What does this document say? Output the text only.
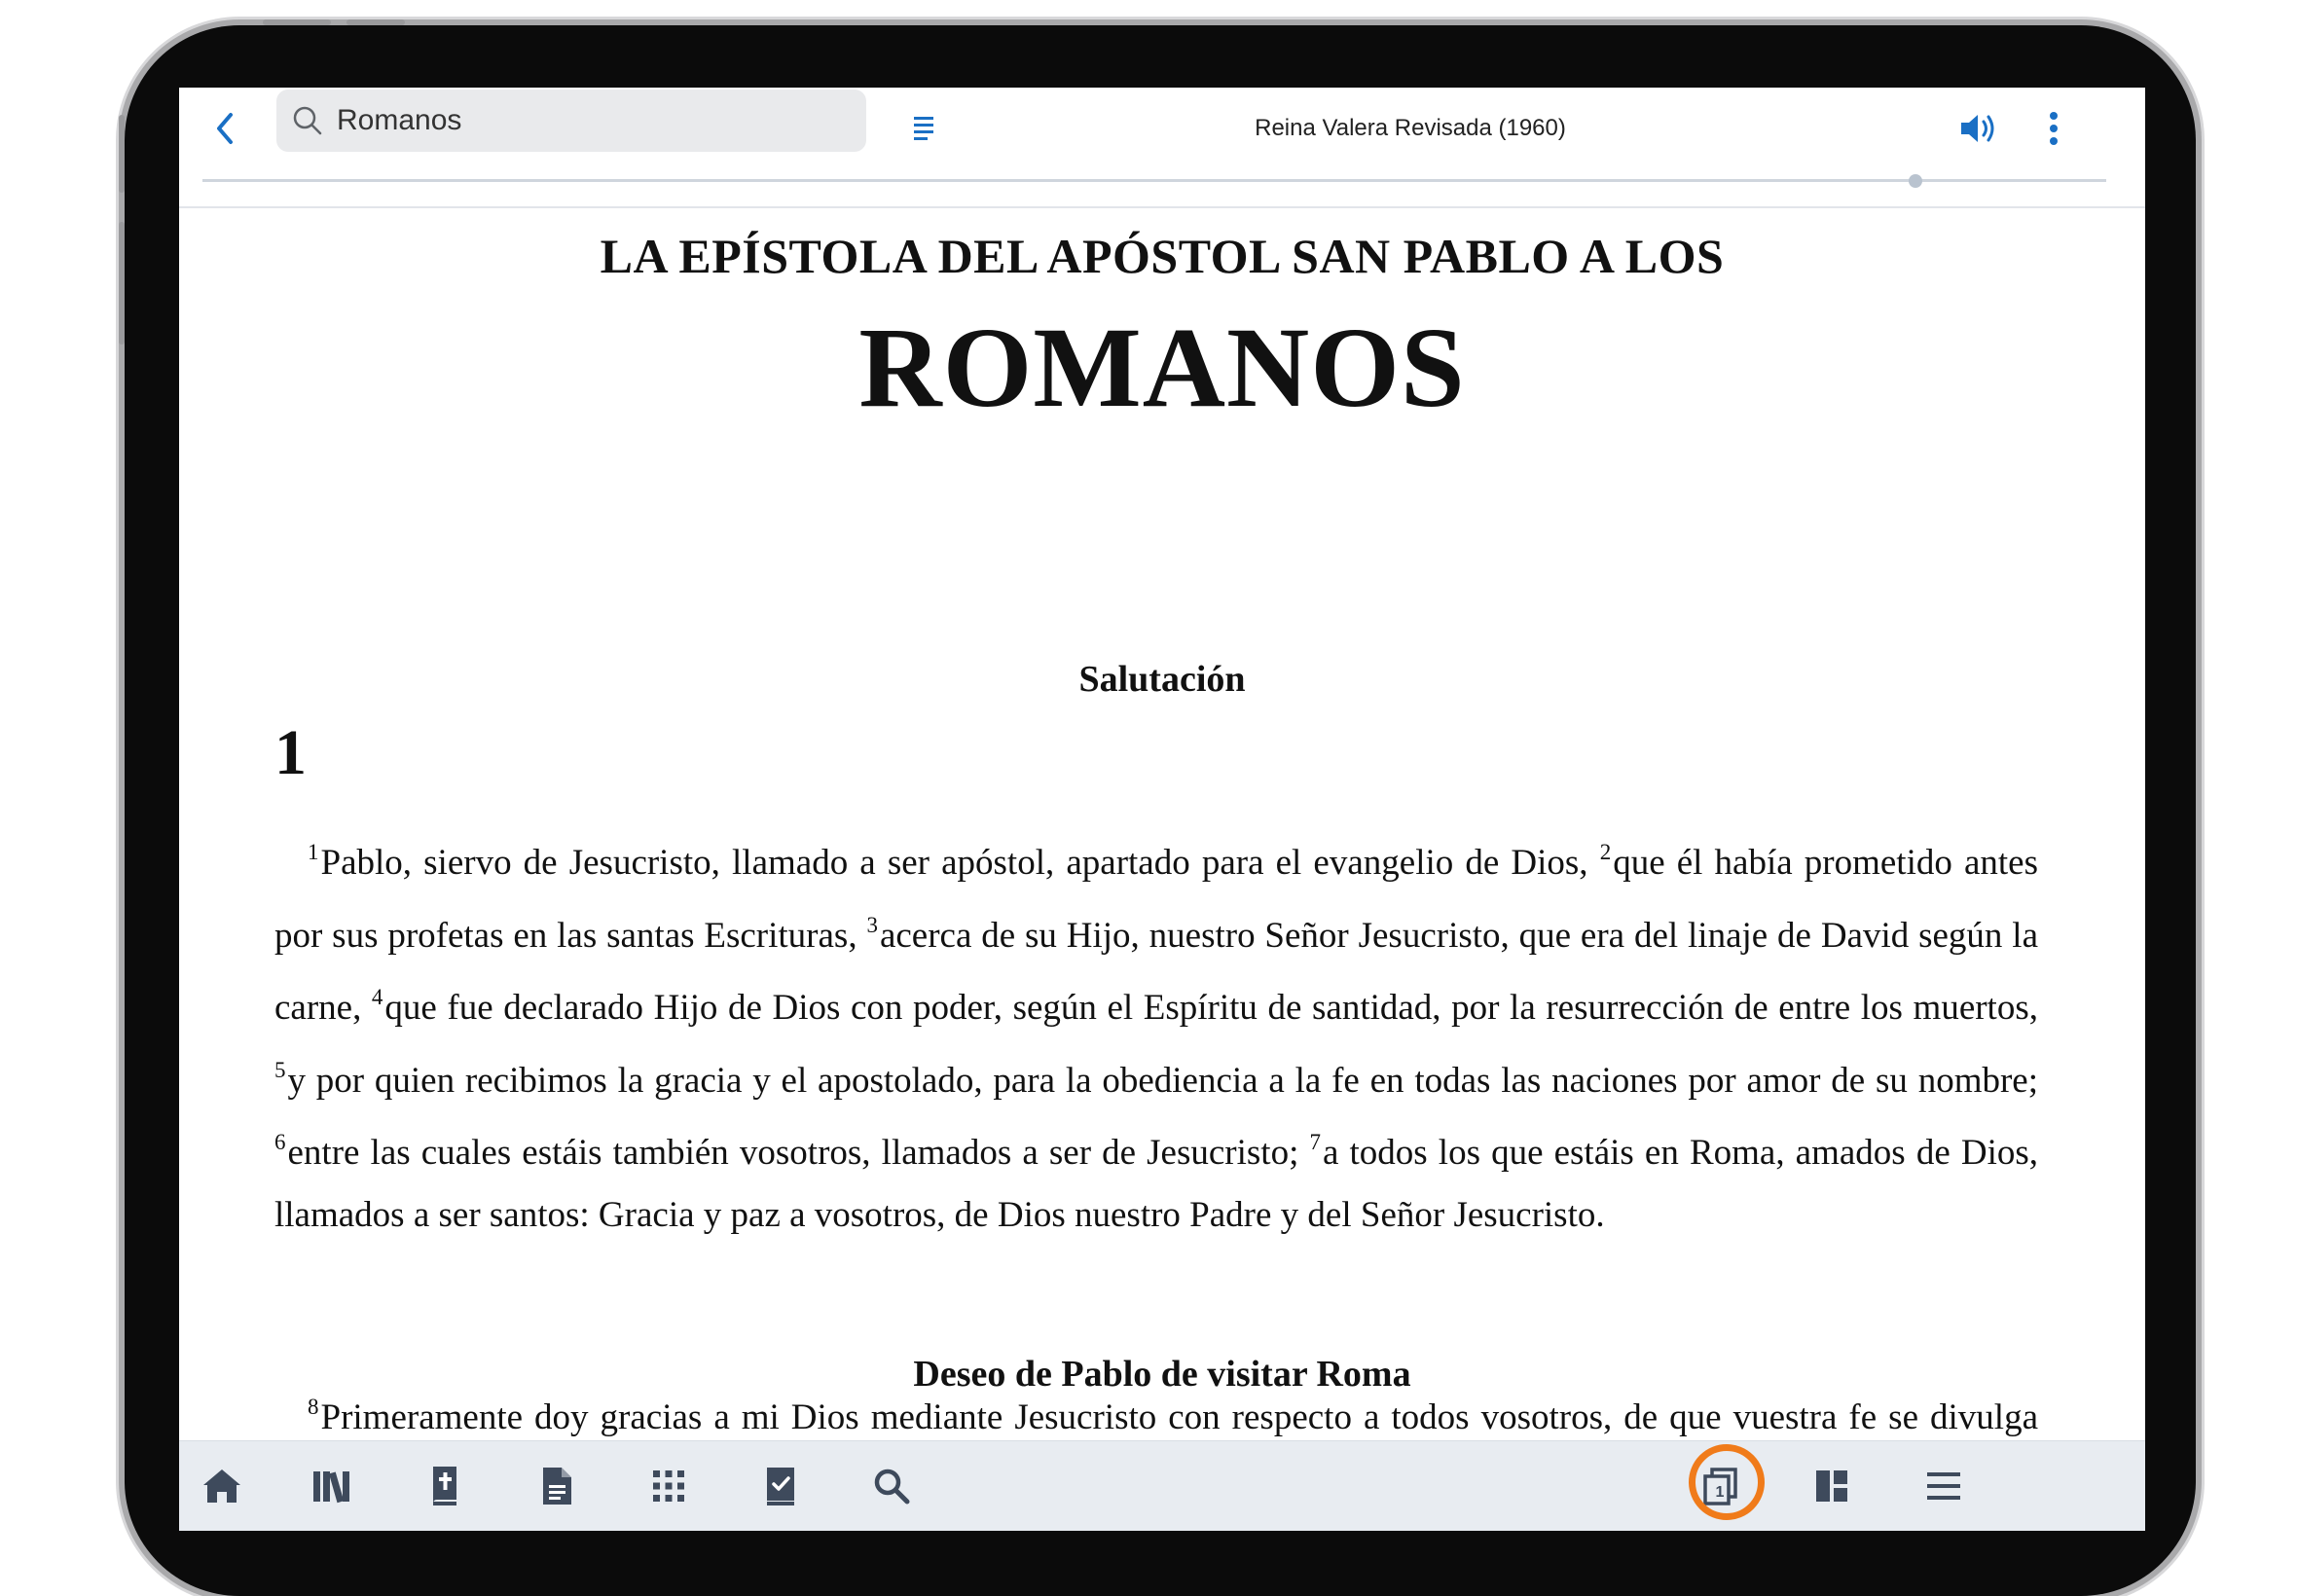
Romanos
Reina Valera Revisada (1960)
LA EPÍSTOLA DEL APÓSTOL SAN PABLO A LOS
ROMANOS
Salutación
1
$^1$Pablo, siervo de Jesucristo, llamado a ser apóstol, apartado para el evangelio de Dios, $^2$que él había prometido antes por sus profetas en las santas Escrituras, $^3$acerca de su Hijo, nuestro Señor Jesucristo, que era del linaje de David según la carne, $^4$que fue declarado Hijo de Dios con poder, según el Espíritu de santidad, por la resurrección de entre los muertos, $^5$y por quien recibimos la gracia y el apostolado, para la obediencia a la fe en todas las naciones por amor de su nombre; $^6$entre las cuales estáis también vosotros, llamados a ser de Jesucristo; $^7$a todos los que estáis en Roma, amados de Dios, llamados a ser santos: Gracia y paz a vosotros, de Dios nuestro Padre y del Señor Jesucristo.
Deseo de Pablo de visitar Roma
$^8$Primeramente doy gracias a mi Dios mediante Jesucristo con respecto a todos vosotros, de que vuestra fe se divulga
1
